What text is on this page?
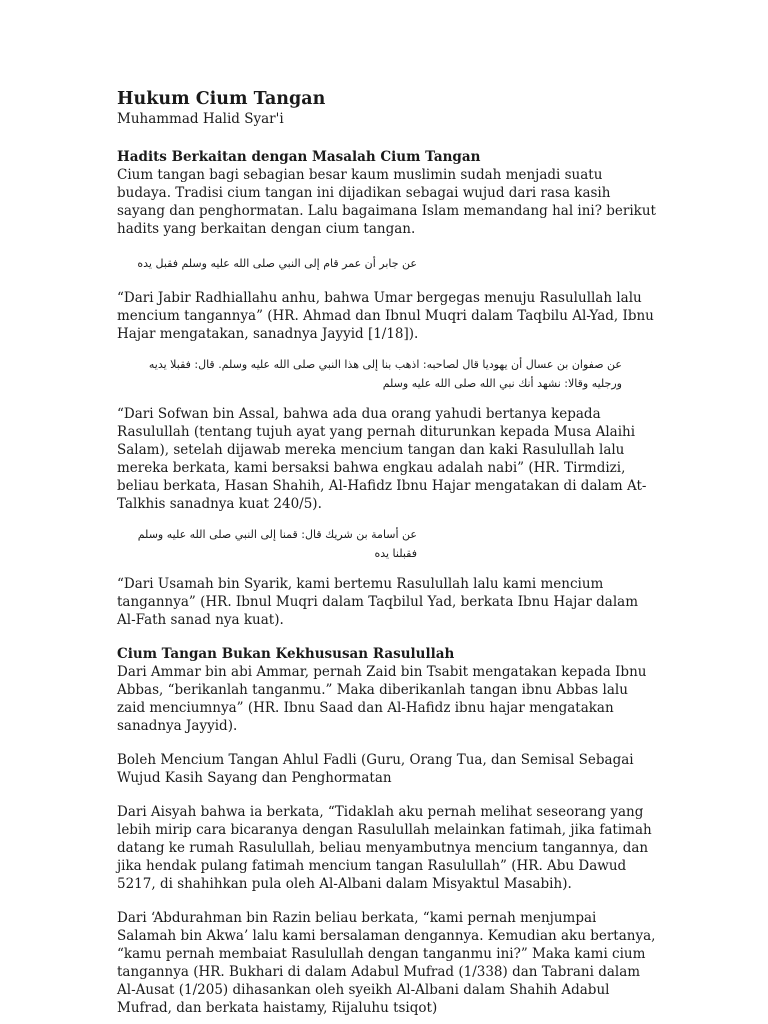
Hukum Cium Tangan

Muhammad Halid Syar'i

Hadits Berkaitan dengan Masalah Cium Tangan

Cium tangan bagi sebagian besar kaum muslimin sudah menjadi suatu budaya. Tradisi cium tangan ini dijadikan sebagai wujud dari rasa kasih sayang dan penghormatan. Lalu bagaimana Islam memandang hal ini? berikut hadits yang berkaitan dengan cium tangan.

عن جابر أن عمر قام إلى النبي صلى الله عليه وسلم فقبل يده

“Dari Jabir Radhiallahu anhu, bahwa Umar bergegas menuju Rasulullah lalu mencium tangannya” (HR. Ahmad dan Ibnul Muqri dalam Taqbilu Al-Yad, Ibnu Hajar mengatakan, sanadnya Jayyid [1/18]).

عن صفوان بن عسال أن يهوديا قال لصاحبه: اذهب بنا إلى هذا النبي صلى الله عليه وسلم. قال: فقبلا يديه ورجليه وقالا: نشهد أنك نبي الله صلى الله عليه وسلم

“Dari Sofwan bin Assal, bahwa ada dua orang yahudi bertanya kepada Rasulullah (tentang tujuh ayat yang pernah diturunkan kepada Musa Alaihi Salam), setelah dijawab mereka mencium tangan dan kaki Rasulullah lalu mereka berkata, kami bersaksi bahwa engkau adalah nabi” (HR. Tirmdizi, beliau berkata, Hasan Shahih, Al-Hafidz Ibnu Hajar mengatakan di dalam At-Talkhis sanadnya kuat 240/5).

عن أسامة بن شريك قال: قمنا إلى النبي صلى الله عليه وسلم فقبلنا يده

“Dari Usamah bin Syarik, kami bertemu Rasulullah lalu kami mencium tangannya” (HR. Ibnul Muqri dalam Taqbilul Yad, berkata Ibnu Hajar dalam Al-Fath sanad nya kuat).

Cium Tangan Bukan Kekhususan Rasulullah

Dari Ammar bin abi Ammar, pernah Zaid bin Tsabit mengatakan kepada Ibnu Abbas, “berikanlah tanganmu.” Maka diberikanlah tangan ibnu Abbas lalu zaid menciumnya” (HR. Ibnu Saad dan Al-Hafidz ibnu hajar mengatakan sanadnya Jayyid).

Boleh Mencium Tangan Ahlul Fadli (Guru, Orang Tua, dan Semisal Sebagai Wujud Kasih Sayang dan Penghormatan

Dari Aisyah bahwa ia berkata, “Tidaklah aku pernah melihat seseorang yang lebih mirip cara bicaranya dengan Rasulullah melainkan fatimah, jika fatimah datang ke rumah Rasulullah, beliau menyambutnya mencium tangannya, dan jika hendak pulang fatimah mencium tangan Rasulullah” (HR. Abu Dawud 5217, di shahihkan pula oleh Al-Albani dalam Misyaktul Masabih).

Dari ‘Abdurahman bin Razin beliau berkata, “kami pernah menjumpai Salamah bin Akwa’ lalu kami bersalaman dengannya. Kemudian aku bertanya, “kamu pernah membaiat Rasulullah dengan tanganmu ini?” Maka kami cium tangannya (HR. Bukhari di dalam Adabul Mufrad (1/338) dan Tabrani dalam Al-Ausat (1/205) dihasankan oleh syeikh Al-Albani dalam Shahih Adabul Mufrad, dan berkata haistamy, Rijaluhu tsiqot)
